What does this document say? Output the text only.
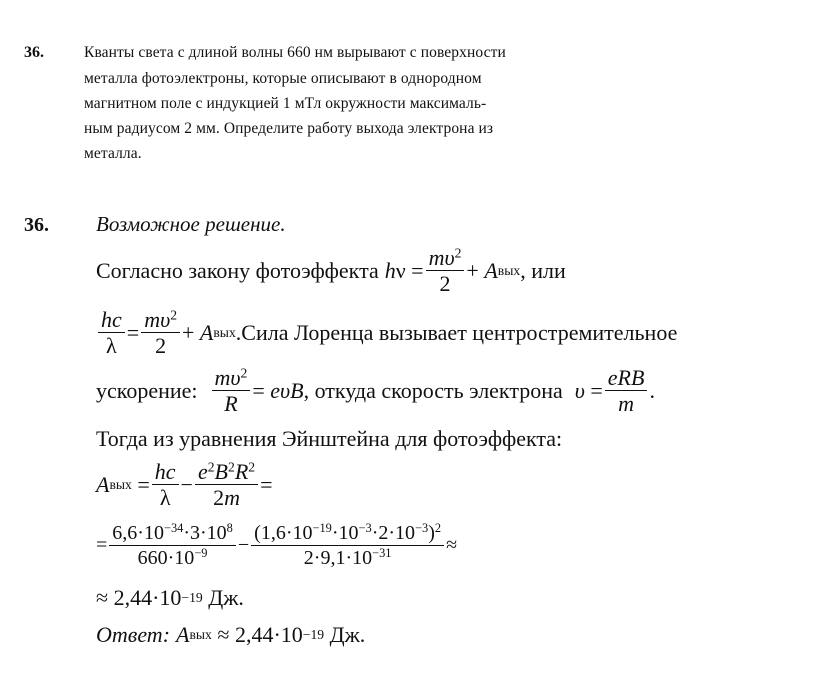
36.	Кванты света с длиной волны 660 нм вырывают с поверхности
металла фотоэлектроны, которые описывают в однородном
магнитном поле с индукцией 1 мТл окружности максималь-
ным радиусом 2 мм. Определите работу выхода электрона из
металла.
36. Возможное решение.
Согласно закону фотоэффекта h $\nu = \frac{m\upsilon^2}{2} + A$ вых , или
$\frac{hc}{\lambda} = \frac{m\upsilon^2}{2} + A$ вых . Сила Лоренца вызывает центростремительное
ускорение: $\frac{m\upsilon^2}{R} = e\upsilon B$ , откуда скорость электрона $\upsilon = \frac{\text{eRB}}{m}$ .
Тогда из уравнения Эйнштейна для фотоэффекта:
A вых = $\frac{hc}{\lambda} - \frac{e^2B^2R^2}{2m}$ =
= $\frac{6,6\cdot 10^{-34}\cdot 3\cdot 10^8}{660\cdot 10^{-9}} - \frac{(1,6\cdot 10^{-19}\cdot 10^{-3}\cdot 2\cdot 10^{-3})^2}{2\cdot 9,1\cdot 10^{-31}}$ ≈
≈ 2,44·10 −19
Дж.
Ответ: A вых ≈ 2,44·10 −19
Дж.
